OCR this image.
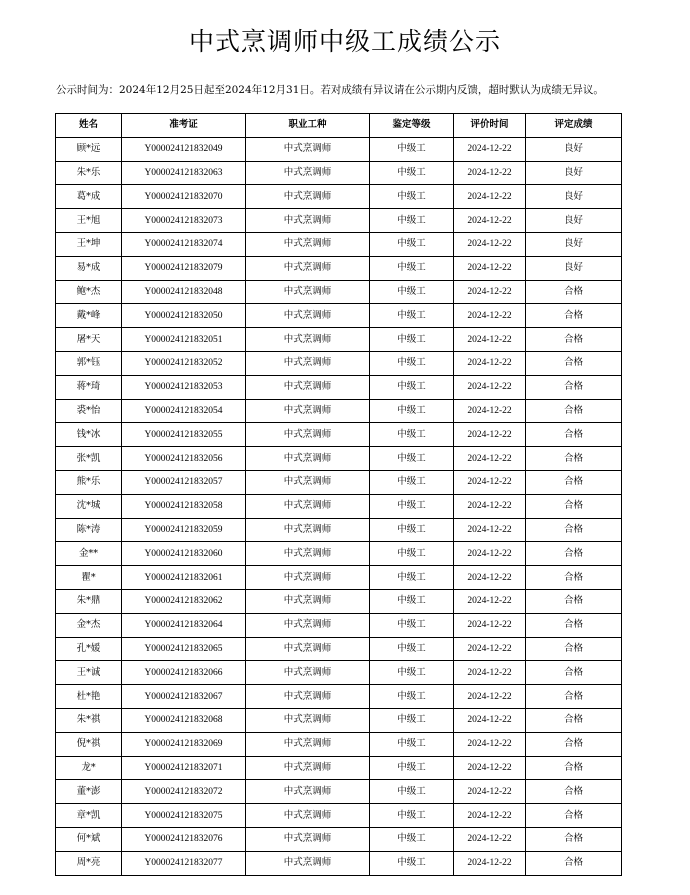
中式烹调师中级工成绩公示
公示时间为：2024年12月25日起至2024年12月31日。若对成绩有异议请在公示期内反馈，超时默认为成绩无异议。
姓名	准考证	职业工种	鉴定等级	评价时间	评定成绩
顾*远	Y000024121832049	中式烹调师	中级工	2024-12-22	良好
朱*乐	Y000024121832063	中式烹调师	中级工	2024-12-22	良好
葛*成	Y000024121832070	中式烹调师	中级工	2024-12-22	良好
王*旭	Y000024121832073	中式烹调师	中级工	2024-12-22	良好
王*坤	Y000024121832074	中式烹调师	中级工	2024-12-22	良好
易*成	Y000024121832079	中式烹调师	中级工	2024-12-22	良好
鲍*杰	Y000024121832048	中式烹调师	中级工	2024-12-22	合格
戴*峰	Y000024121832050	中式烹调师	中级工	2024-12-22	合格
屠*天	Y000024121832051	中式烹调师	中级工	2024-12-22	合格
郭*钰	Y000024121832052	中式烹调师	中级工	2024-12-22	合格
蒋*琦	Y000024121832053	中式烹调师	中级工	2024-12-22	合格
裘*怡	Y000024121832054	中式烹调师	中级工	2024-12-22	合格
钱*冰	Y000024121832055	中式烹调师	中级工	2024-12-22	合格
张*凯	Y000024121832056	中式烹调师	中级工	2024-12-22	合格
熊*乐	Y000024121832057	中式烹调师	中级工	2024-12-22	合格
沈*城	Y000024121832058	中式烹调师	中级工	2024-12-22	合格
陈*涛	Y000024121832059	中式烹调师	中级工	2024-12-22	合格
金**	Y000024121832060	中式烹调师	中级工	2024-12-22	合格
瞿*	Y000024121832061	中式烹调师	中级工	2024-12-22	合格
朱*鼎	Y000024121832062	中式烹调师	中级工	2024-12-22	合格
金*杰	Y000024121832064	中式烹调师	中级工	2024-12-22	合格
孔*媛	Y000024121832065	中式烹调师	中级工	2024-12-22	合格
王*诚	Y000024121832066	中式烹调师	中级工	2024-12-22	合格
杜*艳	Y000024121832067	中式烹调师	中级工	2024-12-22	合格
朱*祺	Y000024121832068	中式烹调师	中级工	2024-12-22	合格
倪*祺	Y000024121832069	中式烹调师	中级工	2024-12-22	合格
龙*	Y000024121832071	中式烹调师	中级工	2024-12-22	合格
董*澎	Y000024121832072	中式烹调师	中级工	2024-12-22	合格
章*凯	Y000024121832075	中式烹调师	中级工	2024-12-22	合格
何*斌	Y000024121832076	中式烹调师	中级工	2024-12-22	合格
周*亮	Y000024121832077	中式烹调师	中级工	2024-12-22	合格
